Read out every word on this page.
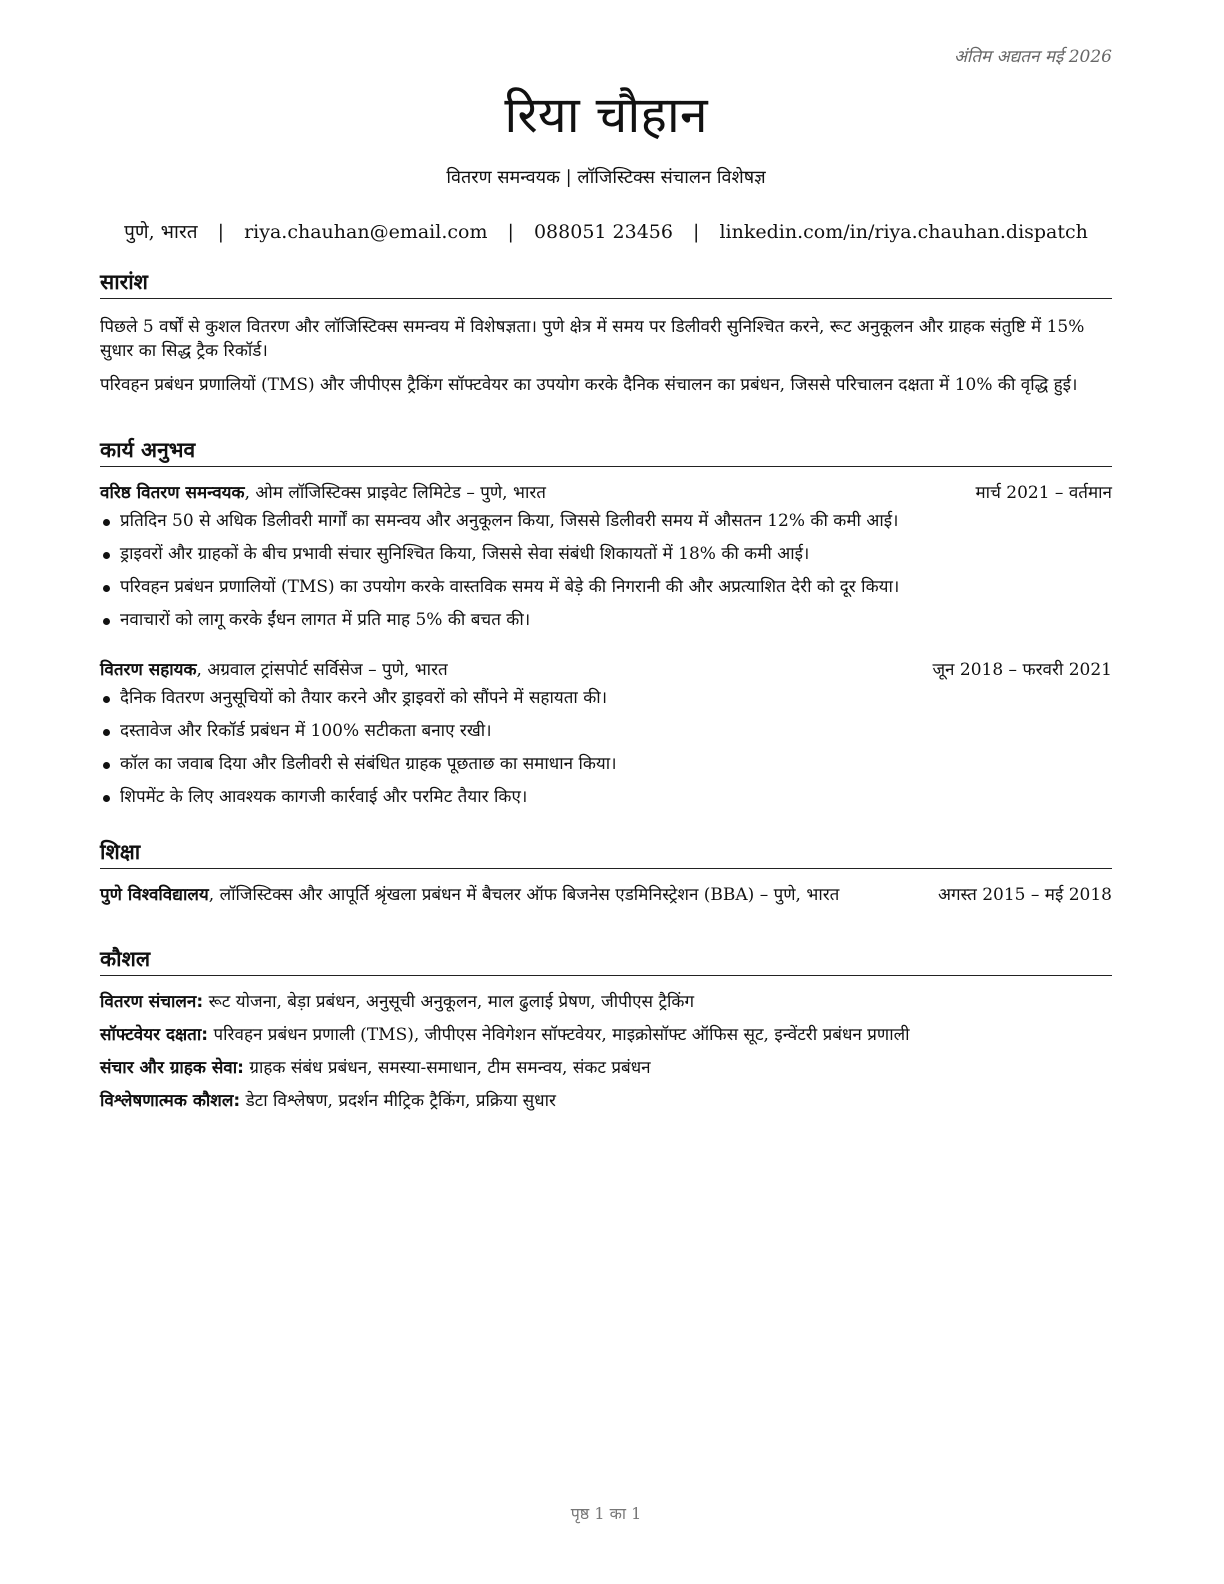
अंतिम अद्यतन मई 2026
रिया चौहान
वितरण समन्वयक | लॉजिस्टिक्स संचालन विशेषज्ञ
पुणे, भारत | riya.chauhan@email.com | 088051 23456 | linkedin.com/in/riya.chauhan.dispatch
सारांश

पिछले 5 वर्षों से कुशल वितरण और लॉजिस्टिक्स समन्वय में विशेषज्ञता। पुणे क्षेत्र में समय पर डिलीवरी सुनिश्चित करने, रूट अनुकूलन और ग्राहक संतुष्टि में 15% सुधार का सिद्ध ट्रैक रिकॉर्ड।

परिवहन प्रबंधन प्रणालियों (TMS) और जीपीएस ट्रैकिंग सॉफ्टवेयर का उपयोग करके दैनिक संचालन का प्रबंधन, जिससे परिचालन दक्षता में 10% की वृद्धि हुई।

कार्य अनुभव
वरिष्ठ वितरण समन्वयक, ओम लॉजिस्टिक्स प्राइवेट लिमिटेड – पुणे, भारत	मार्च 2021 – वर्तमान
प्रतिदिन 50 से अधिक डिलीवरी मार्गों का समन्वय और अनुकूलन किया, जिससे डिलीवरी समय में औसतन 12% की कमी आई।
ड्राइवरों और ग्राहकों के बीच प्रभावी संचार सुनिश्चित किया, जिससे सेवा संबंधी शिकायतों में 18% की कमी आई।
परिवहन प्रबंधन प्रणालियों (TMS) का उपयोग करके वास्तविक समय में बेड़े की निगरानी की और अप्रत्याशित देरी को दूर किया।
नवाचारों को लागू करके ईंधन लागत में प्रति माह 5% की बचत की।
वितरण सहायक, अग्रवाल ट्रांसपोर्ट सर्विसेज – पुणे, भारत	जून 2018 – फरवरी 2021
दैनिक वितरण अनुसूचियों को तैयार करने और ड्राइवरों को सौंपने में सहायता की।
दस्तावेज और रिकॉर्ड प्रबंधन में 100% सटीकता बनाए रखी।
कॉल का जवाब दिया और डिलीवरी से संबंधित ग्राहक पूछताछ का समाधान किया।
शिपमेंट के लिए आवश्यक कागजी कार्रवाई और परमिट तैयार किए।
शिक्षा
पुणे विश्वविद्यालय, लॉजिस्टिक्स और आपूर्ति श्रृंखला प्रबंधन में बैचलर ऑफ बिजनेस एडमिनिस्ट्रेशन (BBA) – पुणे, भारत	अगस्त 2015 – मई 2018
कौशल
वितरण संचालन: रूट योजना, बेड़ा प्रबंधन, अनुसूची अनुकूलन, माल ढुलाई प्रेषण, जीपीएस ट्रैकिंग
सॉफ्टवेयर दक्षता: परिवहन प्रबंधन प्रणाली (TMS), जीपीएस नेविगेशन सॉफ्टवेयर, माइक्रोसॉफ्ट ऑफिस सूट, इन्वेंटरी प्रबंधन प्रणाली
संचार और ग्राहक सेवा: ग्राहक संबंध प्रबंधन, समस्या-समाधान, टीम समन्वय, संकट प्रबंधन
विश्लेषणात्मक कौशल: डेटा विश्लेषण, प्रदर्शन मीट्रिक ट्रैकिंग, प्रक्रिया सुधार
पृष्ठ 1 का 1
